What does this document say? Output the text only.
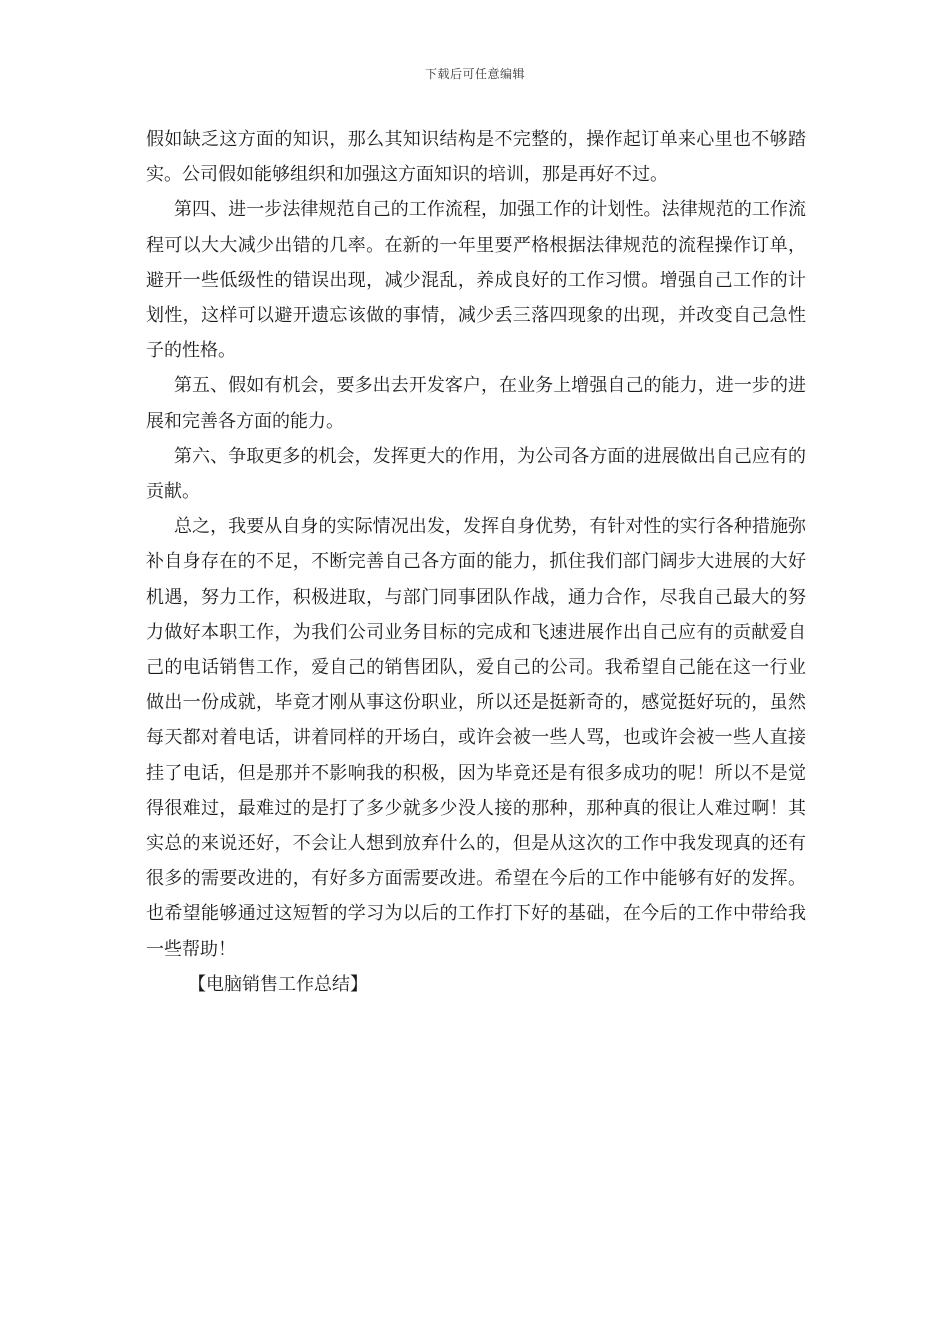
下载后可任意编辑

假如缺乏这方面的知识，那么其知识结构是不完整的，操作起订单来心里也不够踏实。公司假如能够组织和加强这方面知识的培训，那是再好不过。

第四、进一步法律规范自己的工作流程，加强工作的计划性。法律规范的工作流程可以大大减少出错的几率。在新的一年里要严格根据法律规范的流程操作订单，避开一些低级性的错误出现，减少混乱，养成良好的工作习惯。增强自己工作的计划性，这样可以避开遗忘该做的事情，减少丢三落四现象的出现，并改变自己急性子的性格。

第五、假如有机会，要多出去开发客户，在业务上增强自己的能力，进一步的进展和完善各方面的能力。

第六、争取更多的机会，发挥更大的作用，为公司各方面的进展做出自己应有的贡献。

总之，我要从自身的实际情况出发，发挥自身优势，有针对性的实行各种措施弥补自身存在的不足，不断完善自己各方面的能力，抓住我们部门阔步大进展的大好机遇，努力工作，积极进取，与部门同事团队作战，通力合作，尽我自己最大的努力做好本职工作，为我们公司业务目标的完成和飞速进展作出自己应有的贡献爱自己的电话销售工作，爱自己的销售团队，爱自己的公司。我希望自己能在这一行业做出一份成就，毕竟才刚从事这份职业，所以还是挺新奇的，感觉挺好玩的，虽然每天都对着电话，讲着同样的开场白，或许会被一些人骂，也或许会被一些人直接挂了电话，但是那并不影响我的积极，因为毕竟还是有很多成功的呢！所以不是觉得很难过，最难过的是打了多少就多少没人接的那种，那种真的很让人难过啊！其实总的来说还好，不会让人想到放弃什么的，但是从这次的工作中我发现真的还有很多的需要改进的，有好多方面需要改进。希望在今后的工作中能够有好的发挥。也希望能够通过这短暂的学习为以后的工作打下好的基础，在今后的工作中带给我一些帮助！

【电脑销售工作总结】
